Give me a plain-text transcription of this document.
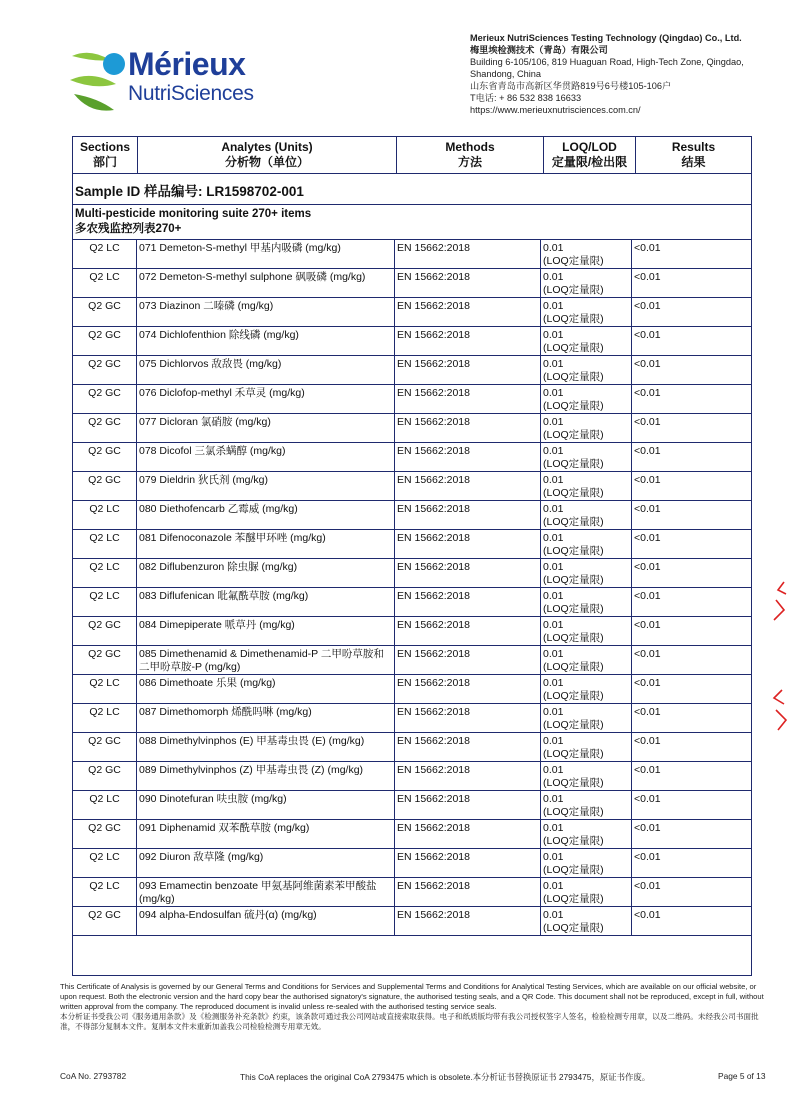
Mérieux
NutriSciences
Merieux NutriSciences Testing Technology (Qingdao) Co., Ltd.
梅里埃检测技术（青岛）有限公司
Building 6-105/106, 819 Huaguan Road, High-Tech Zone, Qingdao, Shandong, China
山东省青岛市高新区华贯路819号6号楼105-106户
T电话: + 86 532 838 16633
https://www.merieuxnutrisciences.com.cn/
Sections
部门	Analytes (Units)
分析物（单位）	Methods
方法	LOQ/LOD
定量限/检出限	Results
结果
Sample ID 样品编号: LR1598702-001
Multi-pesticide monitoring suite 270+ items
多农残监控列表270+
Q2 LC	071 Demeton-S-methyl 甲基内吸磷 (mg/kg)	EN 15662:2018	0.01
(LOQ定量限)	<0.01
Q2 LC	072 Demeton-S-methyl sulphone 砜吸磷 (mg/kg)	EN 15662:2018	0.01
(LOQ定量限)	<0.01
Q2 GC	073 Diazinon 二嗪磷 (mg/kg)	EN 15662:2018	0.01
(LOQ定量限)	<0.01
Q2 GC	074 Dichlofenthion 除线磷 (mg/kg)	EN 15662:2018	0.01
(LOQ定量限)	<0.01
Q2 GC	075 Dichlorvos 敌敌畏 (mg/kg)	EN 15662:2018	0.01
(LOQ定量限)	<0.01
Q2 GC	076 Diclofop-methyl 禾草灵 (mg/kg)	EN 15662:2018	0.01
(LOQ定量限)	<0.01
Q2 GC	077 Dicloran 氯硝胺 (mg/kg)	EN 15662:2018	0.01
(LOQ定量限)	<0.01
Q2 GC	078 Dicofol 三氯杀螨醇 (mg/kg)	EN 15662:2018	0.01
(LOQ定量限)	<0.01
Q2 GC	079 Dieldrin 狄氏剂 (mg/kg)	EN 15662:2018	0.01
(LOQ定量限)	<0.01
Q2 LC	080 Diethofencarb 乙霉威 (mg/kg)	EN 15662:2018	0.01
(LOQ定量限)	<0.01
Q2 LC	081 Difenoconazole 苯醚甲环唑 (mg/kg)	EN 15662:2018	0.01
(LOQ定量限)	<0.01
Q2 LC	082 Diflubenzuron 除虫脲 (mg/kg)	EN 15662:2018	0.01
(LOQ定量限)	<0.01
Q2 LC	083 Diflufenican 吡氟酰草胺 (mg/kg)	EN 15662:2018	0.01
(LOQ定量限)	<0.01
Q2 GC	084 Dimepiperate 哌草丹 (mg/kg)	EN 15662:2018	0.01
(LOQ定量限)	<0.01
Q2 GC	085 Dimethenamid & Dimethenamid-P 二甲吩草胺和二甲吩草胺-P (mg/kg)	EN 15662:2018	0.01
(LOQ定量限)	<0.01
Q2 LC	086 Dimethoate 乐果 (mg/kg)	EN 15662:2018	0.01
(LOQ定量限)	<0.01
Q2 LC	087 Dimethomorph 烯酰吗啉 (mg/kg)	EN 15662:2018	0.01
(LOQ定量限)	<0.01
Q2 GC	088 Dimethylvinphos (E) 甲基毒虫畏 (E) (mg/kg)	EN 15662:2018	0.01
(LOQ定量限)	<0.01
Q2 GC	089 Dimethylvinphos (Z) 甲基毒虫畏 (Z) (mg/kg)	EN 15662:2018	0.01
(LOQ定量限)	<0.01
Q2 LC	090 Dinotefuran 呋虫胺 (mg/kg)	EN 15662:2018	0.01
(LOQ定量限)	<0.01
Q2 GC	091 Diphenamid 双苯酰草胺 (mg/kg)	EN 15662:2018	0.01
(LOQ定量限)	<0.01
Q2 LC	092 Diuron 敌草隆 (mg/kg)	EN 15662:2018	0.01
(LOQ定量限)	<0.01
Q2 LC	093 Emamectin benzoate 甲氨基阿维菌素苯甲酸盐 (mg/kg)	EN 15662:2018	0.01
(LOQ定量限)	<0.01
Q2 GC	094 alpha-Endosulfan 硫丹(α) (mg/kg)	EN 15662:2018	0.01
(LOQ定量限)	<0.01
This Certificate of Analysis is governed by our General Terms and Conditions for Services and Supplemental Terms and Conditions for Analytical Testing Services, which are available on our official website, or upon request. Both the electronic version and the hard copy bear the authorised signatory's signature, the authorised testing seals, and a QR Code. This document shall not be reproduced, except in full, without written approval from the company. The reproduced document is invalid unless re-sealed with the authorised testing service seals.
本分析证书受我公司《服务通用条款》及《检测服务补充条款》约束，该条款可通过我公司网站或直接索取获得。电子和纸质版均带有我公司授权签字人签名，检验检测专用章，以及二维码。未经我公司书面批准，不得部分复制本文件。复制本文件未重新加盖我公司检验检测专用章无效。
CoA No. 2793782	This CoA replaces the original CoA 2793475 which is obsolete.本分析证书替换原证书 2793475，原证书作废。	Page 5 of 13
